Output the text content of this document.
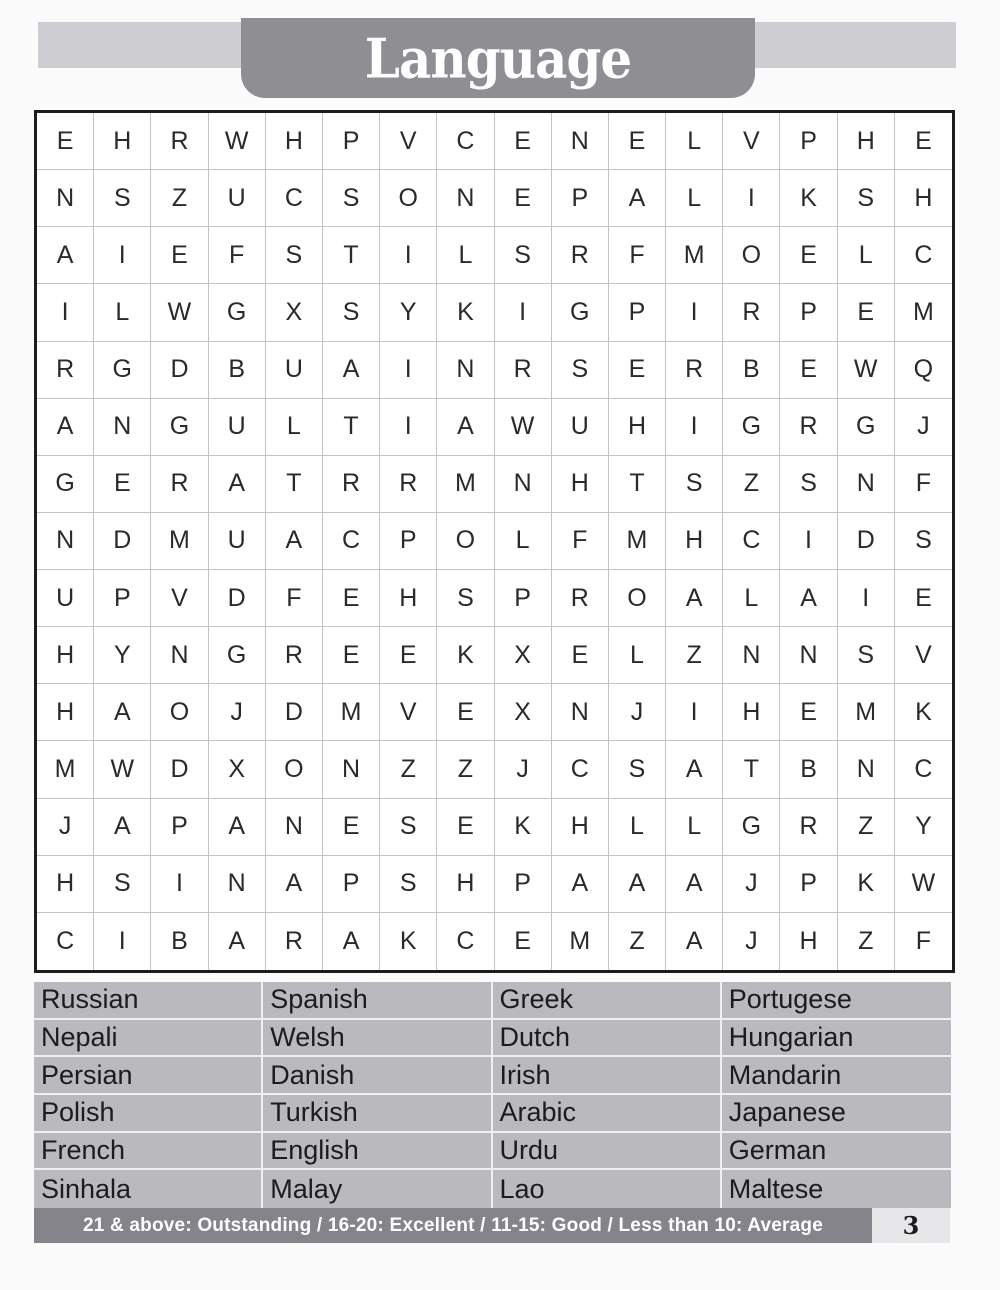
Language
E	H	R	W	H	P	V	C	E	N	E	L	V	P	H	E
N	S	Z	U	C	S	O	N	E	P	A	L	I	K	S	H
A	I	E	F	S	T	I	L	S	R	F	M	O	E	L	C
I	L	W	G	X	S	Y	K	I	G	P	I	R	P	E	M
R	G	D	B	U	A	I	N	R	S	E	R	B	E	W	Q
A	N	G	U	L	T	I	A	W	U	H	I	G	R	G	J
G	E	R	A	T	R	R	M	N	H	T	S	Z	S	N	F
N	D	M	U	A	C	P	O	L	F	M	H	C	I	D	S
U	P	V	D	F	E	H	S	P	R	O	A	L	A	I	E
H	Y	N	G	R	E	E	K	X	E	L	Z	N	N	S	V
H	A	O	J	D	M	V	E	X	N	J	I	H	E	M	K
M	W	D	X	O	N	Z	Z	J	C	S	A	T	B	N	C
J	A	P	A	N	E	S	E	K	H	L	L	G	R	Z	Y
H	S	I	N	A	P	S	H	P	A	A	A	J	P	K	W
C	I	B	A	R	A	K	C	E	M	Z	A	J	H	Z	F
Russian	Spanish	Greek	Portugese
Nepali	Welsh	Dutch	Hungarian
Persian	Danish	Irish	Mandarin
Polish	Turkish	Arabic	Japanese
French	English	Urdu	German
Sinhala	Malay	Lao	Maltese
21 & above: Outstanding / 16-20: Excellent / 11-15: Good / Less than 10: Average	3
